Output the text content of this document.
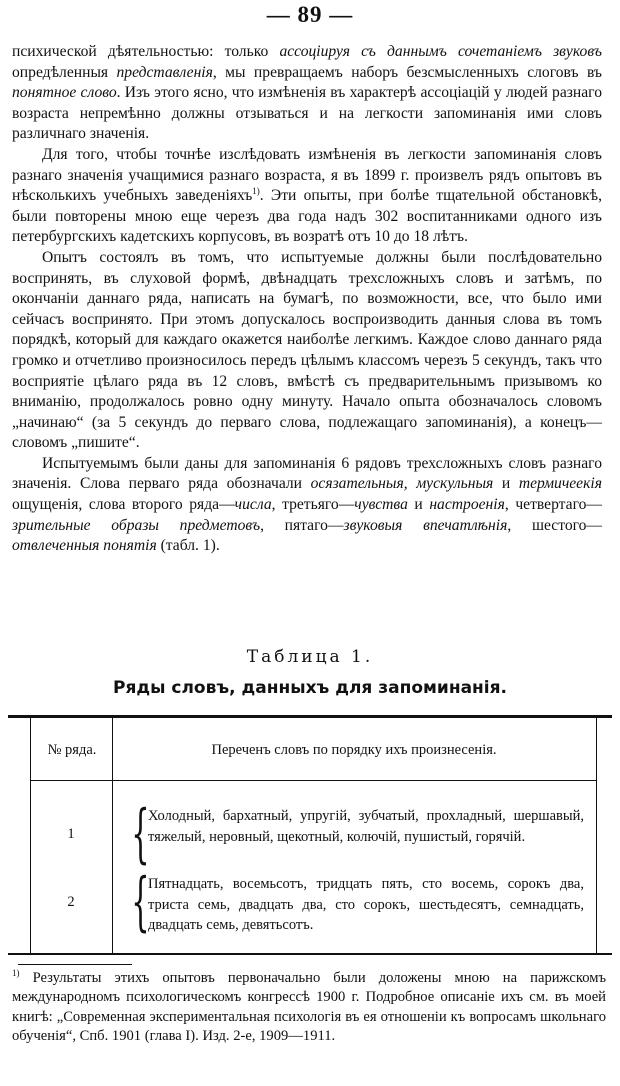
— 89 —

психической дѣятельностью: только ассоціируя съ даннымъ сочетаніемъ звуковъ опредѣленныя представленія, мы превращаемъ наборъ безсмысленныхъ слоговъ въ понятное слово. Изъ этого ясно, что измѣненія въ характерѣ ассоціацій у людей разнаго возраста непремѣнно должны отзываться и на легкости запоминанія ими словъ различнаго значенія.

Для того, чтобы точнѣе изслѣдовать измѣненія въ легкости запоминанія словъ разнаго значенія учащимися разнаго возраста, я въ 1899 г. произвелъ рядъ опытовъ въ нѣсколькихъ учебныхъ заведеніяхъ$^{1)}$. Эти опыты, при болѣе тщательной обстановкѣ, были повторены мною еще черезъ два года надъ 302 воспитанниками одного изъ петербургскихъ кадетскихъ корпусовъ, въ возратѣ отъ 10 до 18 лѣтъ.

Опытъ состоялъ въ томъ, что испытуемые должны были послѣдовательно воспринять, въ слуховой формѣ, двѣнадцать трехсложныхъ словъ и затѣмъ, по окончаніи даннаго ряда, написать на бумагѣ, по возможности, все, что было ими сейчасъ воспринято. При этомъ допускалось воспроизводить данныя слова въ томъ порядкѣ, который для каждаго окажется наиболѣе легкимъ. Каждое слово даннаго ряда громко и отчетливо произносилось передъ цѣлымъ классомъ черезъ 5 секундъ, такъ что восприятіе цѣлаго ряда въ 12 словъ, вмѣстѣ съ предварительнымъ призывомъ ко вниманію, продолжалось ровно одну минуту. Начало опыта обозначалось словомъ „начинаю“ (за 5 секундъ до перваго слова, подлежащаго запоминанія), а конецъ—словомъ „пишите“.

Испытуемымъ были даны для запоминанія 6 рядовъ трехсложныхъ словъ разнаго значенія. Слова перваго ряда обозначали осязательныя, мускульныя и термичеекія ощущенія, слова второго ряда—числа, третьяго—чувства и настроенія, четвертаго—зрительные образы предметовъ, пятаго—звуковыя впечатлѣнія, шестого—отвлеченныя понятія (табл. 1).

Таблица 1.
Ряды словъ, данныхъ для запоминанія.
№ ряда.	Переченъ словъ по порядку ихъ произнесенія.
1 {
Холодный, бархатный, упругій, зубчатый, прохладный, шершавый, тяжелый, неровный, щекотный, колючій, пушистый, горячій.
2 {
Пятнадцать, восемьсотъ, тридцать пять, сто восемь, сорокъ два, триста семь, двадцать два, сто сорокъ, шестьдесятъ, семнадцать, двадцать семь, девятьсотъ.
$^{1)}$ Результаты этихъ опытовъ первоначально были доложены мною на парижскомъ международномъ психологическомъ конгрессѣ 1900 г. Подробное описаніе ихъ см. въ моей книгѣ: „Современная экспериментальная психологія въ ея отношеніи къ вопросамъ школьнаго обученія“, Спб. 1901 (глава I). Изд. 2-е, 1909—1911.
